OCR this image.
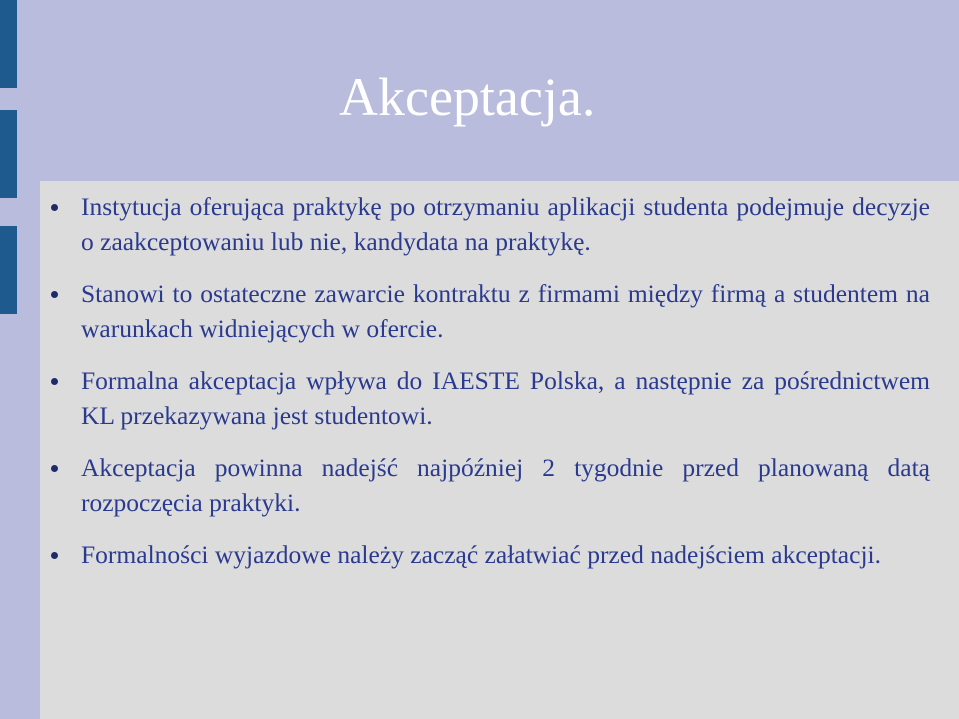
Akceptacja.
Instytucja oferująca praktykę po otrzymaniu aplikacji studenta podejmuje decyzje o zaakceptowaniu lub nie, kandydata na praktykę.
Stanowi to ostateczne zawarcie kontraktu z firmami między firmą a studentem na warunkach widniejących w ofercie.
Formalna akceptacja wpływa do IAESTE Polska, a następnie za pośrednictwem KL przekazywana jest studentowi.
Akceptacja powinna nadejść najpóźniej 2 tygodnie przed planowaną datą rozpoczęcia praktyki.
Formalności wyjazdowe należy zacząć załatwiać przed nadejściem akceptacji.
